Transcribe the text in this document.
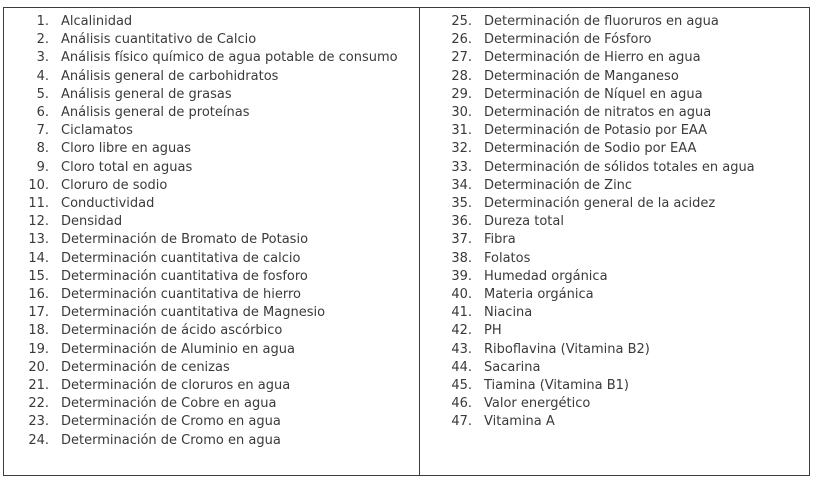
1. Alcalinidad
2. Análisis cuantitativo de Calcio
3. Análisis físico químico de agua potable de consumo
4. Análisis general de carbohidratos
5. Análisis general de grasas
6. Análisis general de proteínas
7. Ciclamatos
8. Cloro libre en aguas
9. Cloro total en aguas
10. Cloruro de sodio
11. Conductividad
12. Densidad
13. Determinación de Bromato de Potasio
14. Determinación cuantitativa de calcio
15. Determinación cuantitativa de fosforo
16. Determinación cuantitativa de hierro
17. Determinación cuantitativa de Magnesio
18. Determinación de ácido ascórbico
19. Determinación de Aluminio en agua
20. Determinación de cenizas
21. Determinación de cloruros en agua
22. Determinación de Cobre en agua
23. Determinación de Cromo en agua
24. Determinación de Cromo en agua
25. Determinación de fluoruros en agua
26. Determinación de Fósforo
27. Determinación de Hierro en agua
28. Determinación de Manganeso
29. Determinación de Níquel en agua
30. Determinación de nitratos en agua
31. Determinación de Potasio por EAA
32. Determinación de Sodio por EAA
33. Determinación de sólidos totales en agua
34. Determinación de Zinc
35. Determinación general de la acidez
36. Dureza total
37. Fibra
38. Folatos
39. Humedad orgánica
40. Materia orgánica
41. Niacina
42. PH
43. Riboflavina (Vitamina B2)
44. Sacarina
45. Tiamina (Vitamina B1)
46. Valor energético
47. Vitamina A
